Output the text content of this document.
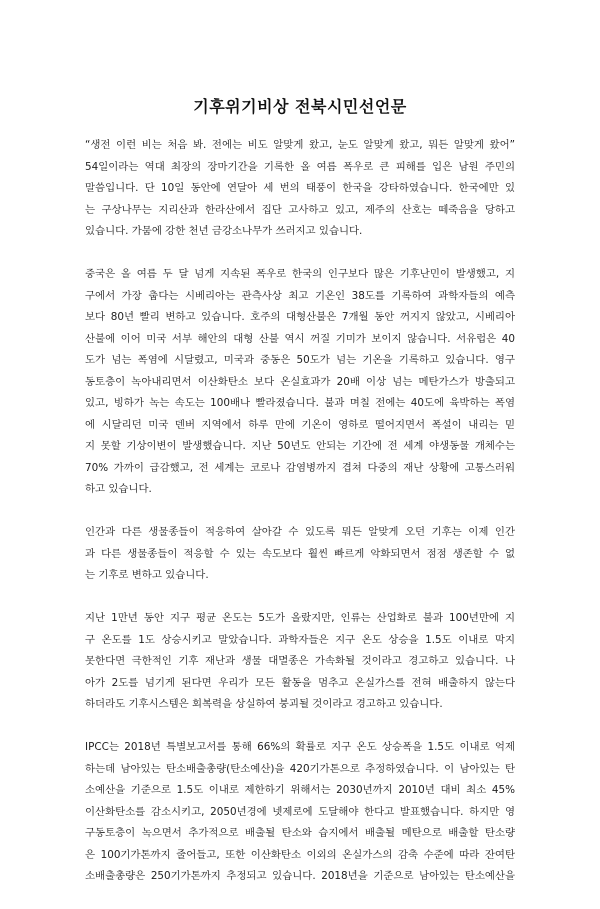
기후위기비상 전북시민선언문
“생전 이런 비는 처음 봐. 전에는 비도 알맞게 왔고, 눈도 알맞게 왔고, 뭐든 알맞게 왔어”
54일이라는 역대 최장의 장마기간을 기록한 올 여름 폭우로 큰 피해를 입은 남원 주민의
말씀입니다. 단 10일 동안에 연달아 세 번의 태풍이 한국을 강타하였습니다. 한국에만 있
는 구상나무는 지리산과 한라산에서 집단 고사하고 있고, 제주의 산호는 떼죽음을 당하고
있습니다. 가뭄에 강한 천년 금강소나무가 쓰러지고 있습니다.
중국은 올 여름 두 달 넘게 지속된 폭우로 한국의 인구보다 많은 기후난민이 발생했고, 지
구에서 가장 춥다는 시베리아는 관측사상 최고 기온인 38도를 기록하여 과학자들의 예측
보다 80년 빨리 변하고 있습니다. 호주의 대형산불은 7개월 동안 꺼지지 않았고, 시베리아
산불에 이어 미국 서부 해안의 대형 산불 역시 꺼질 기미가 보이지 않습니다. 서유럽은 40
도가 넘는 폭염에 시달렸고, 미국과 중동은 50도가 넘는 기온을 기록하고 있습니다. 영구
동토층이 녹아내리면서 이산화탄소 보다 온실효과가 20배 이상 넘는 메탄가스가 방출되고
있고, 빙하가 녹는 속도는 100배나 빨라졌습니다. 불과 며칠 전에는 40도에 육박하는 폭염
에 시달리던 미국 덴버 지역에서 하루 만에 기온이 영하로 떨어지면서 폭설이 내리는 믿
지 못할 기상이변이 발생했습니다. 지난 50년도 안되는 기간에 전 세계 야생동물 개체수는
70% 가까이 급감했고, 전 세계는 코로나 감염병까지 겹쳐 다중의 재난 상황에 고통스러워
하고 있습니다.
인간과 다른 생물종들이 적응하여 살아갈 수 있도록 뭐든 알맞게 오던 기후는 이제 인간
과 다른 생물종들이 적응할 수 있는 속도보다 훨씬 빠르게 악화되면서 점점 생존할 수 없
는 기후로 변하고 있습니다.
지난 1만년 동안 지구 평균 온도는 5도가 올랐지만, 인류는 산업화로 불과 100년만에 지
구 온도를 1도 상승시키고 말았습니다. 과학자들은 지구 온도 상승을 1.5도 이내로 막지
못한다면 극한적인 기후 재난과 생물 대멸종은 가속화될 것이라고 경고하고 있습니다. 나
아가 2도를 넘기게 된다면 우리가 모든 활동을 멈추고 온실가스를 전혀 배출하지 않는다
하더라도 기후시스템은 회복력을 상실하여 붕괴될 것이라고 경고하고 있습니다.
IPCC는 2018년 특별보고서를 통해 66%의 확률로 지구 온도 상승폭을 1.5도 이내로 억제
하는데 남아있는 탄소배출총량(탄소예산)을 420기가톤으로 추정하였습니다. 이 남아있는 탄
소예산을 기준으로 1.5도 이내로 제한하기 위해서는 2030년까지 2010년 대비 최소 45%
이산화탄소를 감소시키고, 2050년경에 넷제로에 도달해야 한다고 발표했습니다. 하지만 영
구동토층이 녹으면서 추가적으로 배출될 탄소와 습지에서 배출될 메탄으로 배출할 탄소량
은 100기가톤까지 줄어들고, 또한 이산화탄소 이외의 온실가스의 감축 수준에 따라 잔여탄
소배출총량은 250기가톤까지 추정되고 있습니다. 2018년을 기준으로 남아있는 탄소예산을
